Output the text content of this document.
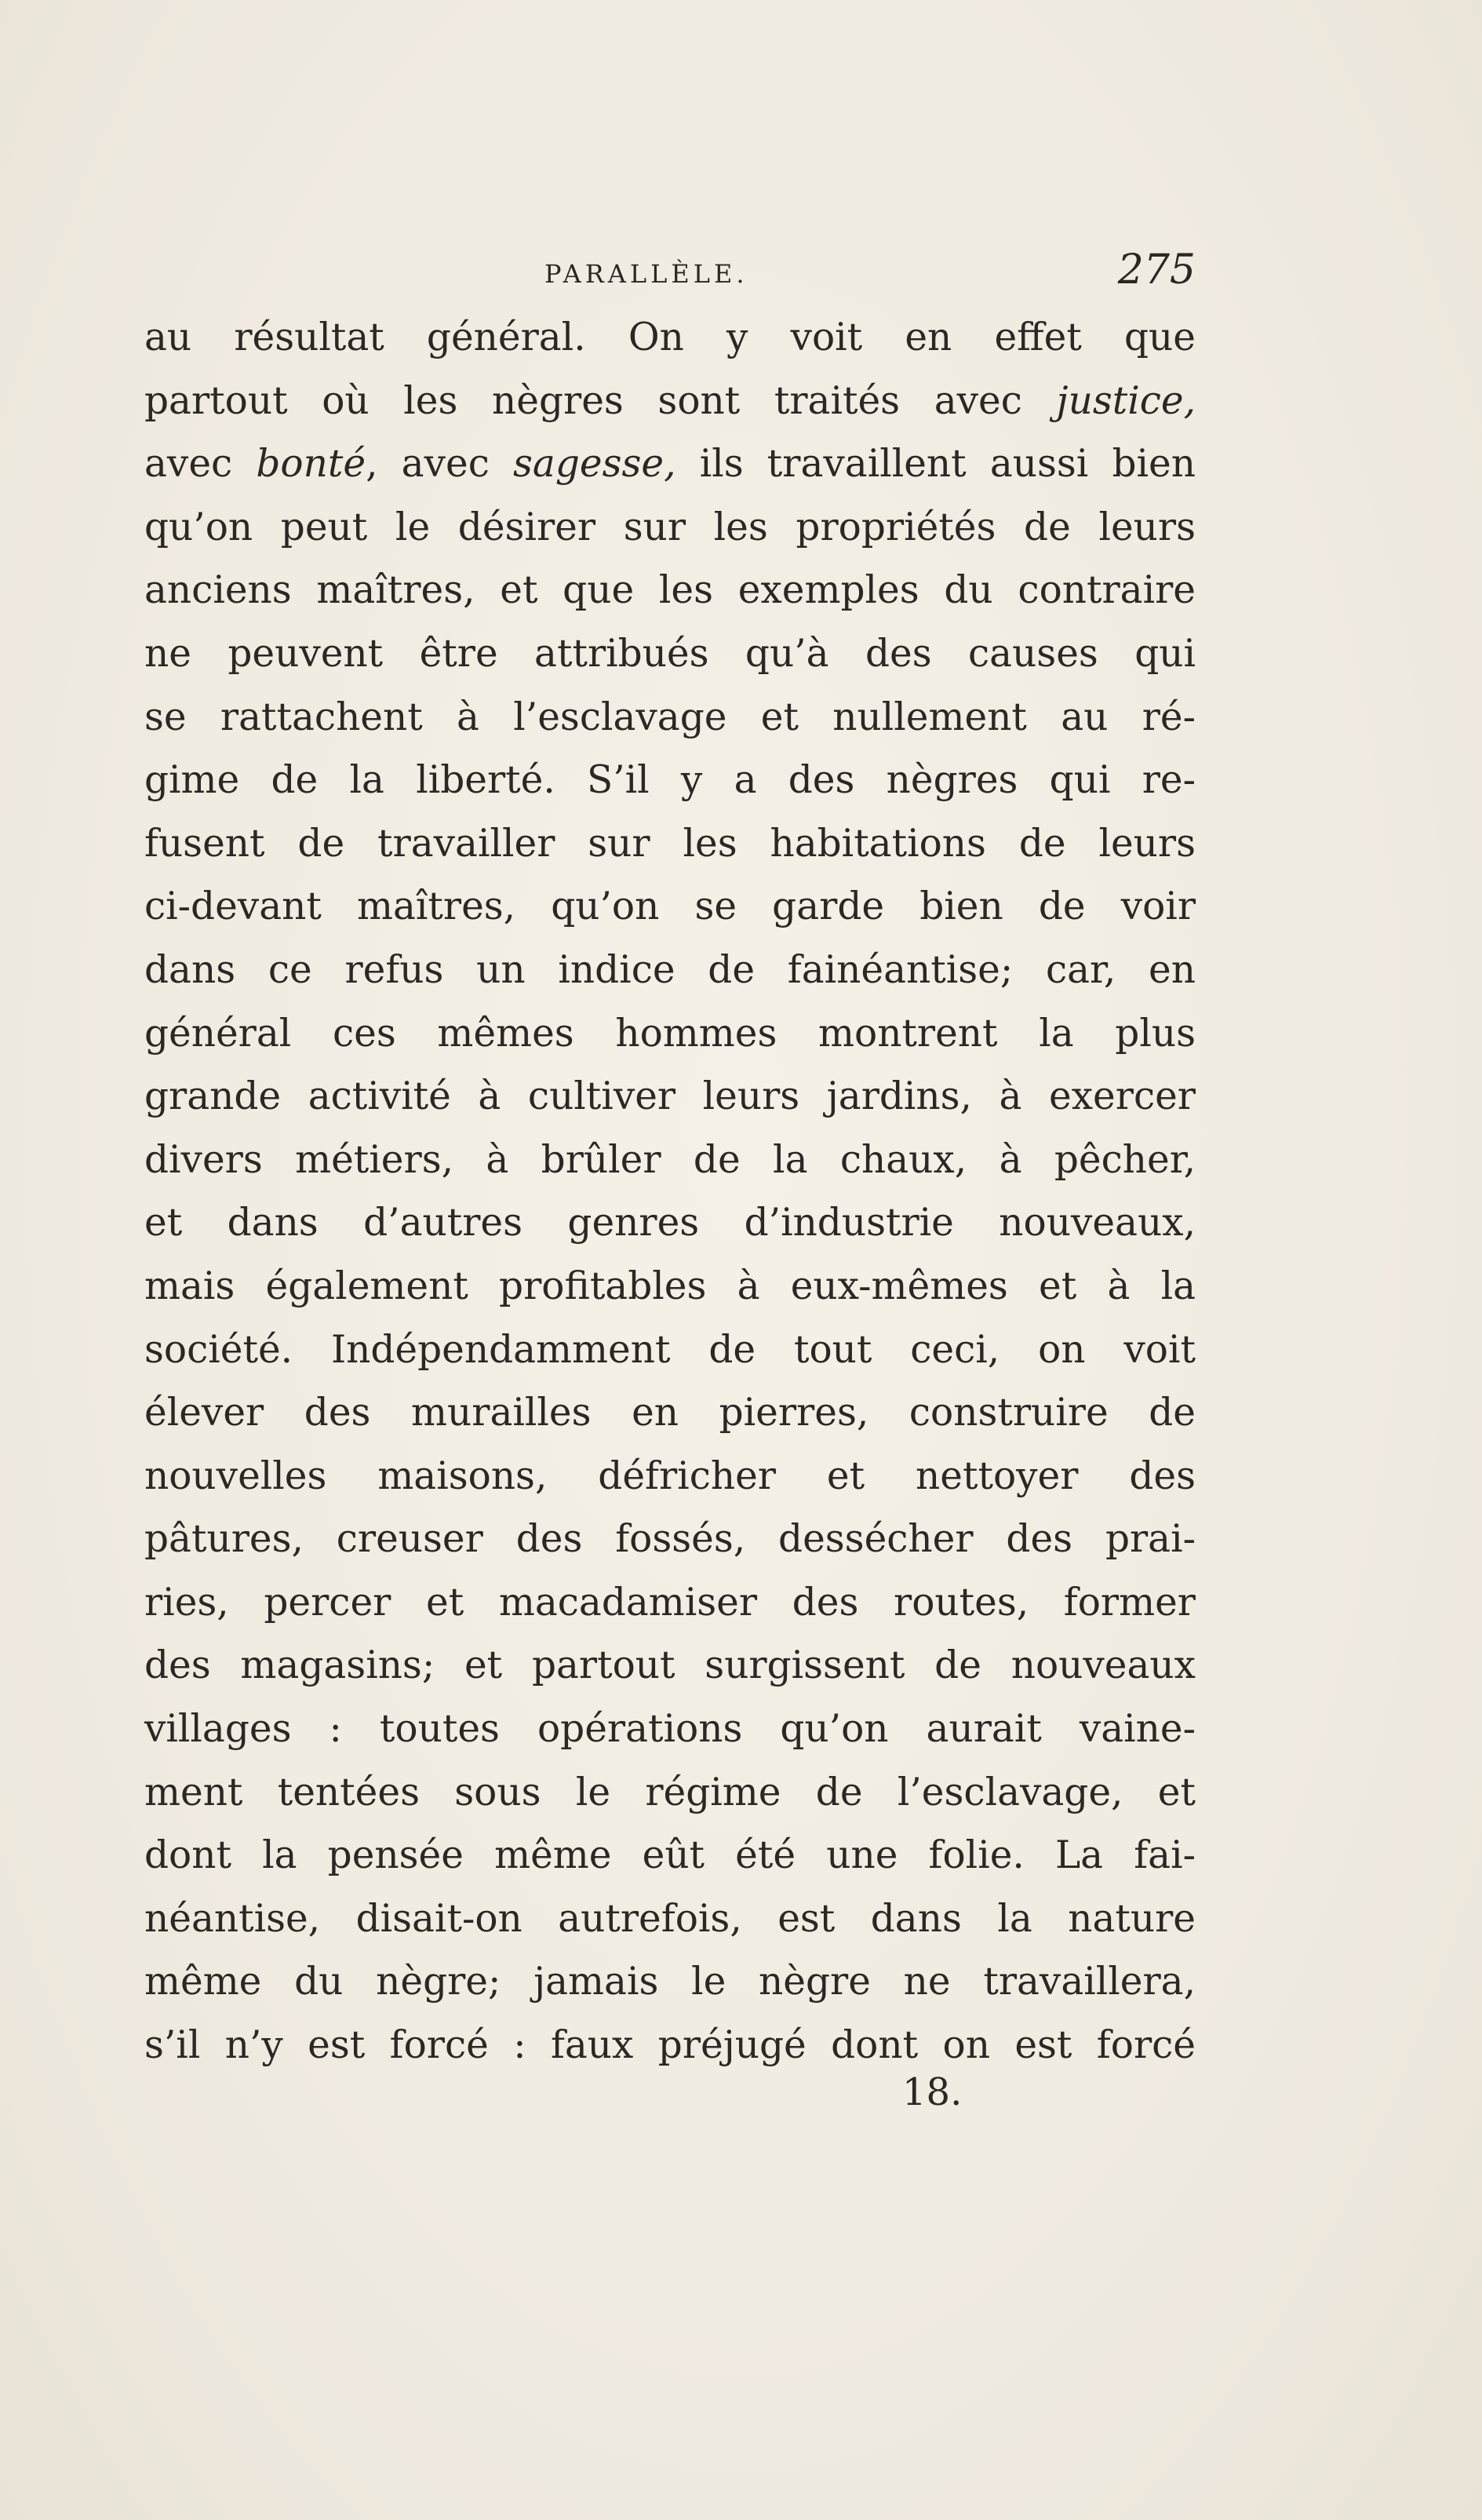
PARALLÈLE.	275
au résultat général. On y voit en effet que
partout où les nègres sont traités avec justice,
avec bonté, avec sagesse, ils travaillent aussi bien
qu’on peut le désirer sur les propriétés de leurs
anciens maîtres, et que les exemples du contraire
ne peuvent être attribués qu’à des causes qui
se rattachent à l’esclavage et nullement au ré-
gime de la liberté. S’il y a des nègres qui re-
fusent de travailler sur les habitations de leurs
ci-devant maîtres, qu’on se garde bien de voir
dans ce refus un indice de fainéantise; car, en
général ces mêmes hommes montrent la plus
grande activité à cultiver leurs jardins, à exercer
divers métiers, à brûler de la chaux, à pêcher,
et dans d’autres genres d’industrie nouveaux,
mais également profitables à eux-mêmes et à la
société. Indépendamment de tout ceci, on voit
élever des murailles en pierres, construire de
nouvelles maisons, défricher et nettoyer des
pâtures, creuser des fossés, dessécher des prai-
ries, percer et macadamiser des routes, former
des magasins; et partout surgissent de nouveaux
villages : toutes opérations qu’on aurait vaine-
ment tentées sous le régime de l’esclavage, et
dont la pensée même eût été une folie. La fai-
néantise, disait-on autrefois, est dans la nature
même du nègre; jamais le nègre ne travaillera,
s’il n’y est forcé : faux préjugé dont on est forcé
18.
